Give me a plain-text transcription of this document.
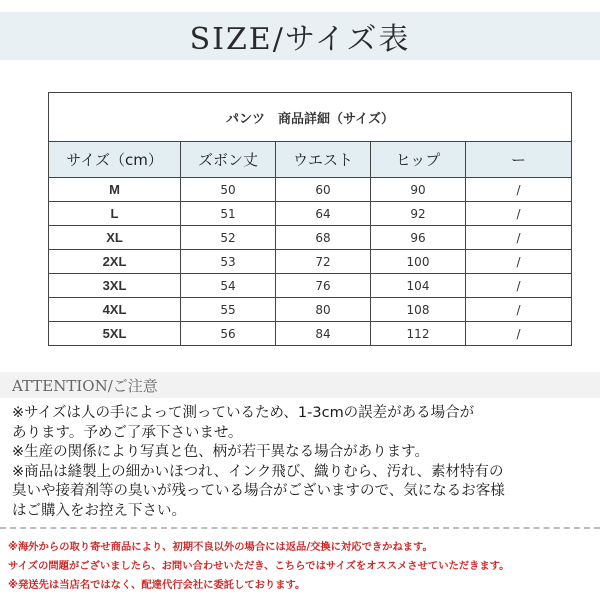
SIZE/サイズ表
パンツ　商品詳細（サイズ）				
サイズ（cm）	ズボン丈	ウエスト	ヒップ	ー
M	50	60	90	/
L	51	64	92	/
XL	52	68	96	/
2XL	53	72	100	/
3XL	54	76	104	/
4XL	55	80	108	/
5XL	56	84	112	/
ATTENTION/ご注意
※サイズは人の手によって測っているため、1-3cmの誤差がある場合が
あります。予めご了承下さいませ。
※生産の関係により写真と色、柄が若干異なる場合があります。
※商品は縫製上の細かいほつれ、インク飛び、織りむら、汚れ、素材特有の
臭いや接着剤等の臭いが残っている場合がございますので、気になるお客様
はご購入をお控え下さい。
※海外からの取り寄せ商品により、初期不良以外の場合には返品/交換に対応できかねます。
サイズの問題がございましたら、お問い合わせいただき、こちらではサイズをオススメさせていただきます。
※発送先は当店名ではなく、配達代行会社に委託しております。
